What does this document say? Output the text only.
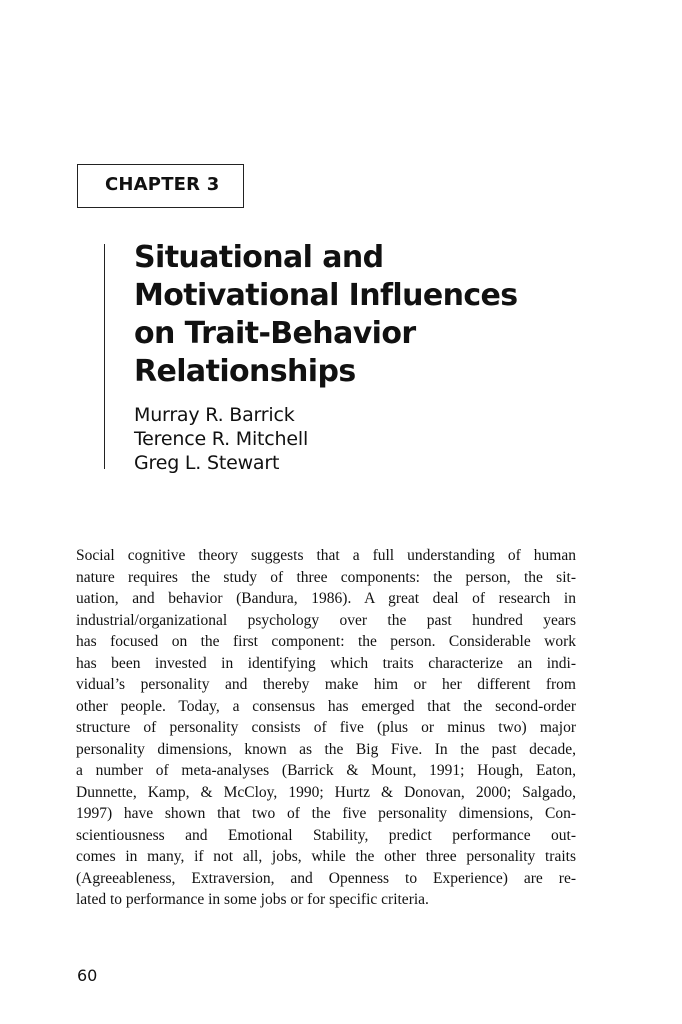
CHAPTER 3
Situational and
Motivational Influences
on Trait-Behavior
Relationships
Murray R. Barrick
Terence R. Mitchell
Greg L. Stewart
Social cognitive theory suggests that a full understanding of human
nature requires the study of three components: the person, the sit-
uation, and behavior (Bandura, 1986). A great deal of research in
industrial/organizational psychology over the past hundred years
has focused on the first component: the person. Considerable work
has been invested in identifying which traits characterize an indi-
vidual’s personality and thereby make him or her different from
other people. Today, a consensus has emerged that the second-order
structure of personality consists of five (plus or minus two) major
personality dimensions, known as the Big Five. In the past decade,
a number of meta-analyses (Barrick & Mount, 1991; Hough, Eaton,
Dunnette, Kamp, & McCloy, 1990; Hurtz & Donovan, 2000; Salgado,
1997) have shown that two of the five personality dimensions, Con-
scientiousness and Emotional Stability, predict performance out-
comes in many, if not all, jobs, while the other three personality traits
(Agreeableness, Extraversion, and Openness to Experience) are re-
lated to performance in some jobs or for specific criteria.
60
